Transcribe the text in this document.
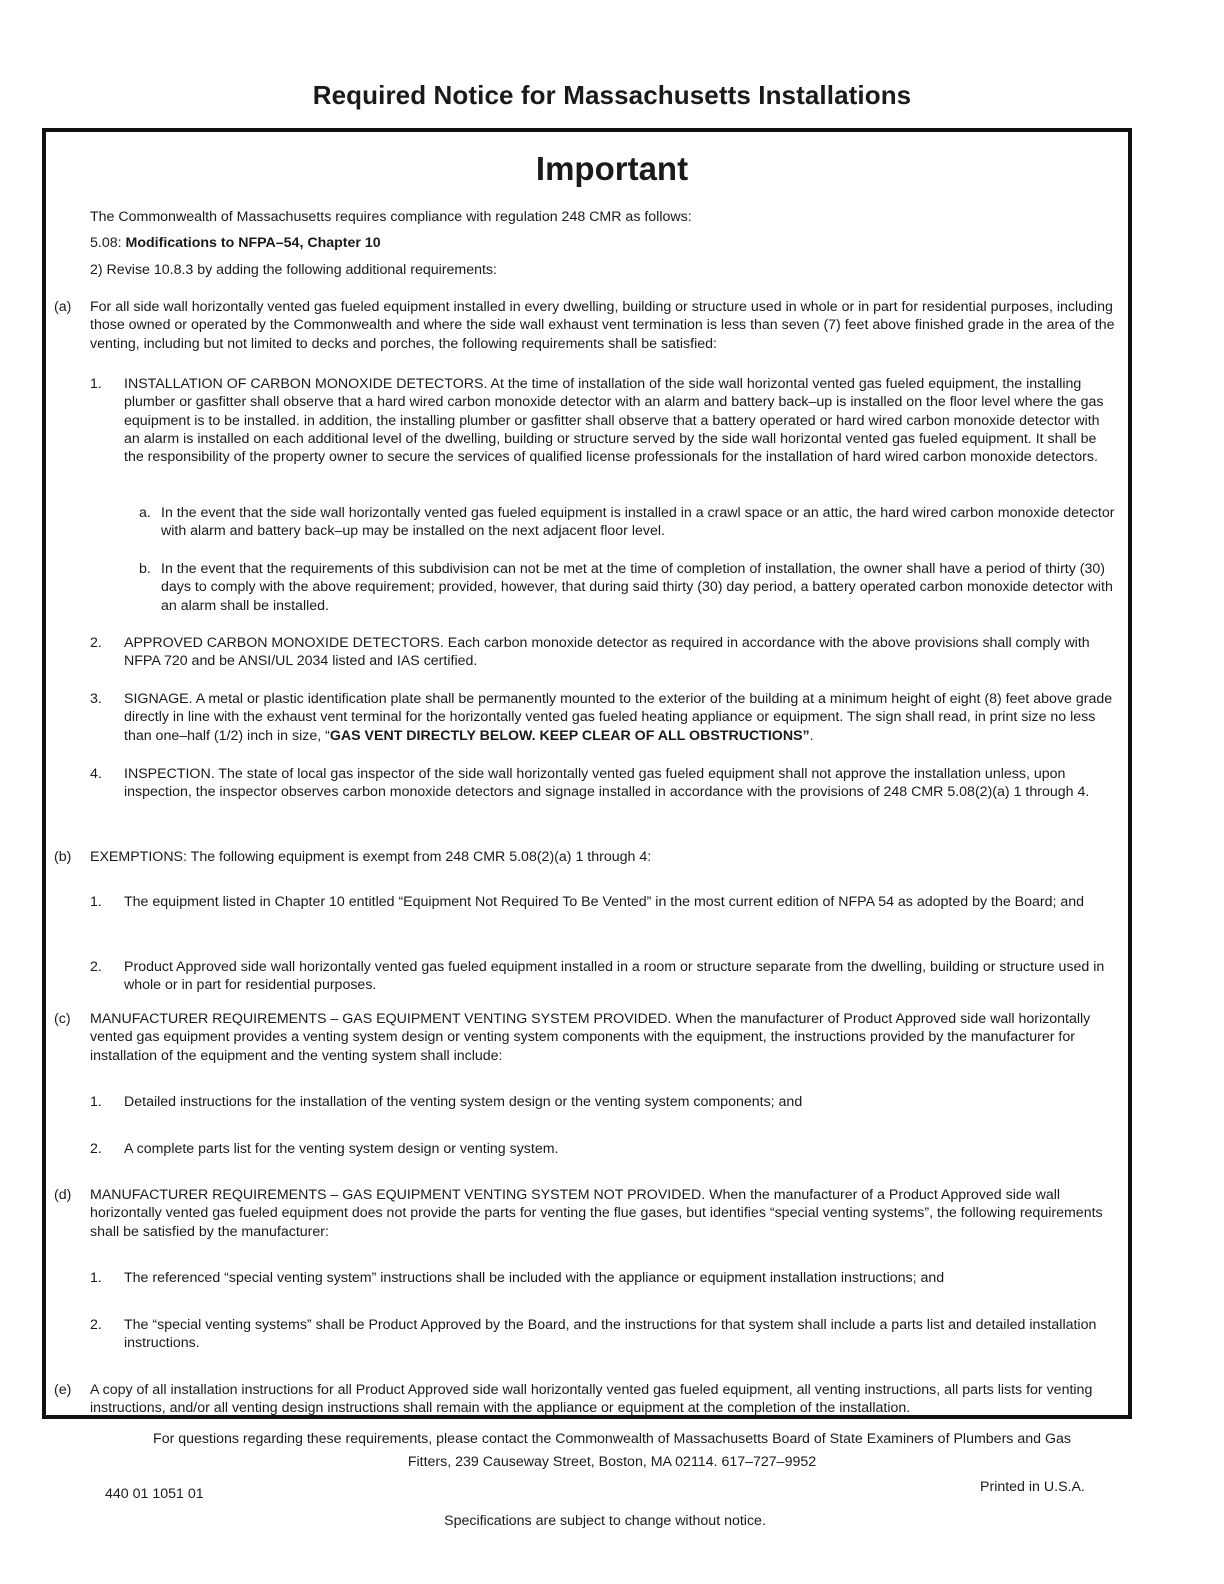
Required Notice for Massachusetts Installations
Important
The Commonwealth of Massachusetts requires compliance with regulation 248 CMR as follows:
5.08: Modifications to NFPA–54, Chapter 10
2) Revise 10.8.3 by adding the following additional requirements:
(a) For all side wall horizontally vented gas fueled equipment installed in every dwelling, building or structure used in whole or in part for residential purposes, including those owned or operated by the Commonwealth and where the side wall exhaust vent termination is less than seven (7) feet above finished grade in the area of the venting, including but not limited to decks and porches, the following requirements shall be satisfied:
1. INSTALLATION OF CARBON MONOXIDE DETECTORS. At the time of installation of the side wall horizontal vented gas fueled equipment, the installing plumber or gasfitter shall observe that a hard wired carbon monoxide detector with an alarm and battery back–up is installed on the floor level where the gas equipment is to be installed. in addition, the installing plumber or gasfitter shall observe that a battery operated or hard wired carbon monoxide detector with an alarm is installed on each additional level of the dwelling, building or structure served by the side wall horizontal vented gas fueled equipment. It shall be the responsibility of the property owner to secure the services of qualified license professionals for the installation of hard wired carbon monoxide detectors.
a. In the event that the side wall horizontally vented gas fueled equipment is installed in a crawl space or an attic, the hard wired carbon monoxide detector with alarm and battery back–up may be installed on the next adjacent floor level.
b. In the event that the requirements of this subdivision can not be met at the time of completion of installation, the owner shall have a period of thirty (30) days to comply with the above requirement; provided, however, that during said thirty (30) day period, a battery operated carbon monoxide detector with an alarm shall be installed.
2. APPROVED CARBON MONOXIDE DETECTORS. Each carbon monoxide detector as required in accordance with the above provisions shall comply with NFPA 720 and be ANSI/UL 2034 listed and IAS certified.
3. SIGNAGE. A metal or plastic identification plate shall be permanently mounted to the exterior of the building at a minimum height of eight (8) feet above grade directly in line with the exhaust vent terminal for the horizontally vented gas fueled heating appliance or equipment. The sign shall read, in print size no less than one–half (1/2) inch in size, “GAS VENT DIRECTLY BELOW. KEEP CLEAR OF ALL OBSTRUCTIONS”.
4. INSPECTION. The state of local gas inspector of the side wall horizontally vented gas fueled equipment shall not approve the installation unless, upon inspection, the inspector observes carbon monoxide detectors and signage installed in accordance with the provisions of 248 CMR 5.08(2)(a) 1 through 4.
(b) EXEMPTIONS: The following equipment is exempt from 248 CMR 5.08(2)(a) 1 through 4:
1. The equipment listed in Chapter 10 entitled “Equipment Not Required To Be Vented” in the most current edition of NFPA 54 as adopted by the Board; and
2. Product Approved side wall horizontally vented gas fueled equipment installed in a room or structure separate from the dwelling, building or structure used in whole or in part for residential purposes.
(c) MANUFACTURER REQUIREMENTS – GAS EQUIPMENT VENTING SYSTEM PROVIDED. When the manufacturer of Product Approved side wall horizontally vented gas equipment provides a venting system design or venting system components with the equipment, the instructions provided by the manufacturer for installation of the equipment and the venting system shall include:
1. Detailed instructions for the installation of the venting system design or the venting system components; and
2. A complete parts list for the venting system design or venting system.
(d) MANUFACTURER REQUIREMENTS – GAS EQUIPMENT VENTING SYSTEM NOT PROVIDED. When the manufacturer of a Product Approved side wall horizontally vented gas fueled equipment does not provide the parts for venting the flue gases, but identifies “special venting systems”, the following requirements shall be satisfied by the manufacturer:
1. The referenced “special venting system” instructions shall be included with the appliance or equipment installation instructions; and
2. The “special venting systems” shall be Product Approved by the Board, and the instructions for that system shall include a parts list and detailed installation instructions.
(e) A copy of all installation instructions for all Product Approved side wall horizontally vented gas fueled equipment, all venting instructions, all parts lists for venting instructions, and/or all venting design instructions shall remain with the appliance or equipment at the completion of the installation.
For questions regarding these requirements, please contact the Commonwealth of Massachusetts Board of State Examiners of Plumbers and Gas
Fitters, 239 Causeway Street, Boston, MA 02114. 617–727–9952
440 01 1051 01	Printed in U.S.A.
Specifications are subject to change without notice.
